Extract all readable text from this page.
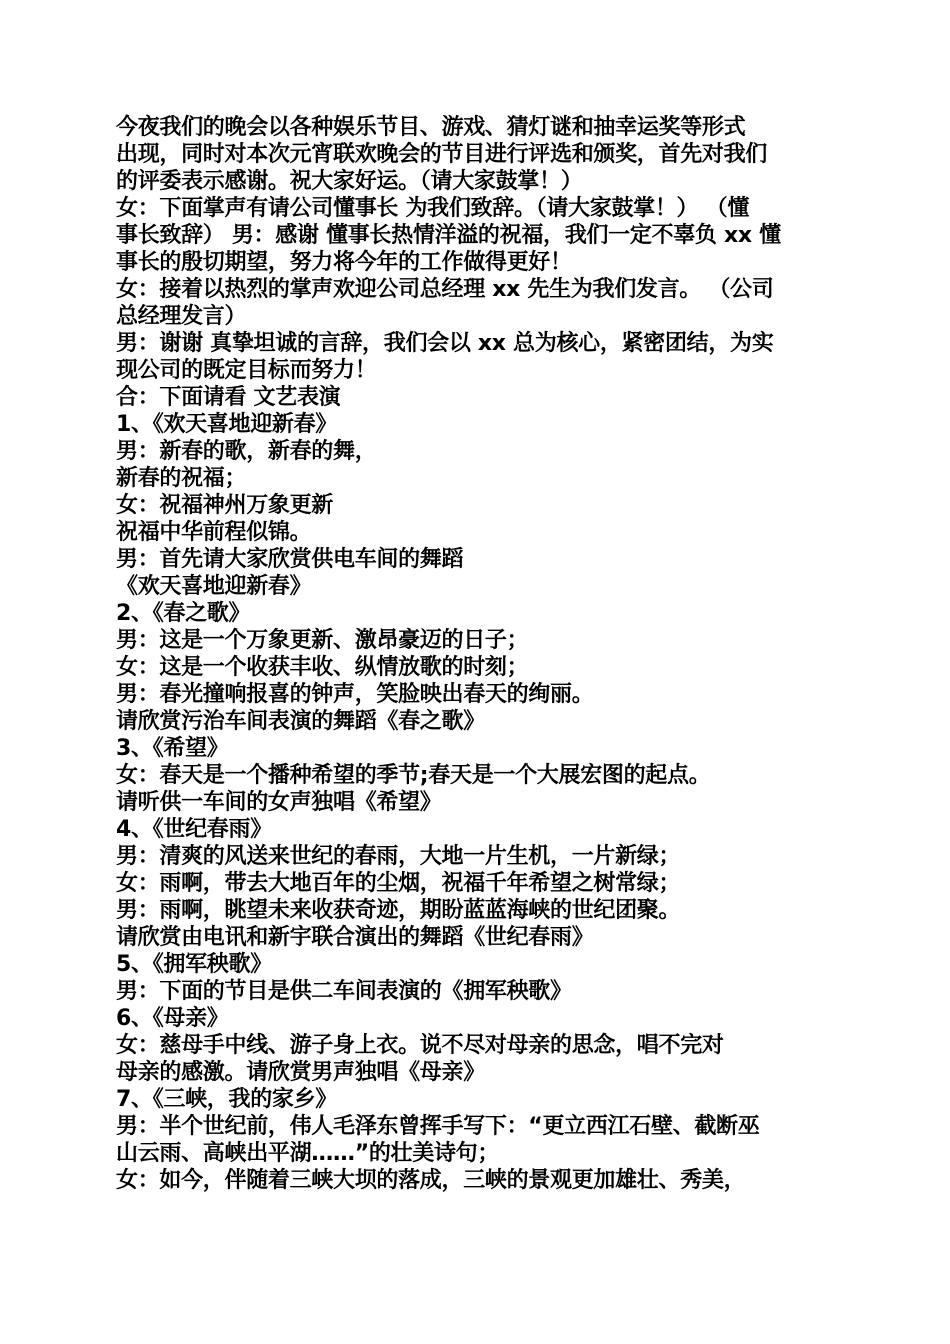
今夜我们的晚会以各种娱乐节目、游戏、猜灯谜和抽幸运奖等形式
出现，同时对本次元宵联欢晚会的节目进行评选和颁奖，首先对我们
的评委表示感谢。祝大家好运。（请大家鼓掌！）
女：下面掌声有请公司懂事长 为我们致辞。（请大家鼓掌！） （懂
事长致辞） 男：感谢 懂事长热情洋溢的祝福，我们一定不辜负 xx 懂
事长的殷切期望，努力将今年的工作做得更好！
女：接着以热烈的掌声欢迎公司总经理 xx 先生为我们发言。 （公司
总经理发言）
男：谢谢 真挚坦诚的言辞，我们会以 xx 总为核心，紧密团结，为实
现公司的既定目标而努力！
合：下面请看 文艺表演
1、《欢天喜地迎新春》
男：新春的歌，新春的舞，
新春的祝福；
女：祝福神州万象更新
祝福中华前程似锦。
男：首先请大家欣赏供电车间的舞蹈
《欢天喜地迎新春》
2、《春之歌》
男：这是一个万象更新、激昂豪迈的日子；
女：这是一个收获丰收、纵情放歌的时刻；
男：春光撞响报喜的钟声，笑脸映出春天的绚丽。
请欣赏污治车间表演的舞蹈《春之歌》
3、《希望》
女：春天是一个播种希望的季节;春天是一个大展宏图的起点。
请听供一车间的女声独唱《希望》
4、《世纪春雨》
男：清爽的风送来世纪的春雨，大地一片生机，一片新绿；
女：雨啊，带去大地百年的尘烟，祝福千年希望之树常绿；
男：雨啊，眺望未来收获奇迹，期盼蓝蓝海峡的世纪团聚。
请欣赏由电讯和新宇联合演出的舞蹈《世纪春雨》
5、《拥军秧歌》
男：下面的节目是供二车间表演的《拥军秧歌》
6、《母亲》
女：慈母手中线、游子身上衣。说不尽对母亲的思念，唱不完对
母亲的感激。请欣赏男声独唱《母亲》
7、《三峡，我的家乡》
男：半个世纪前，伟人毛泽东曾挥手写下：“更立西江石壁、截断巫
山云雨、高峡出平湖……”的壮美诗句；
女：如今，伴随着三峡大坝的落成，三峡的景观更加雄壮、秀美，
